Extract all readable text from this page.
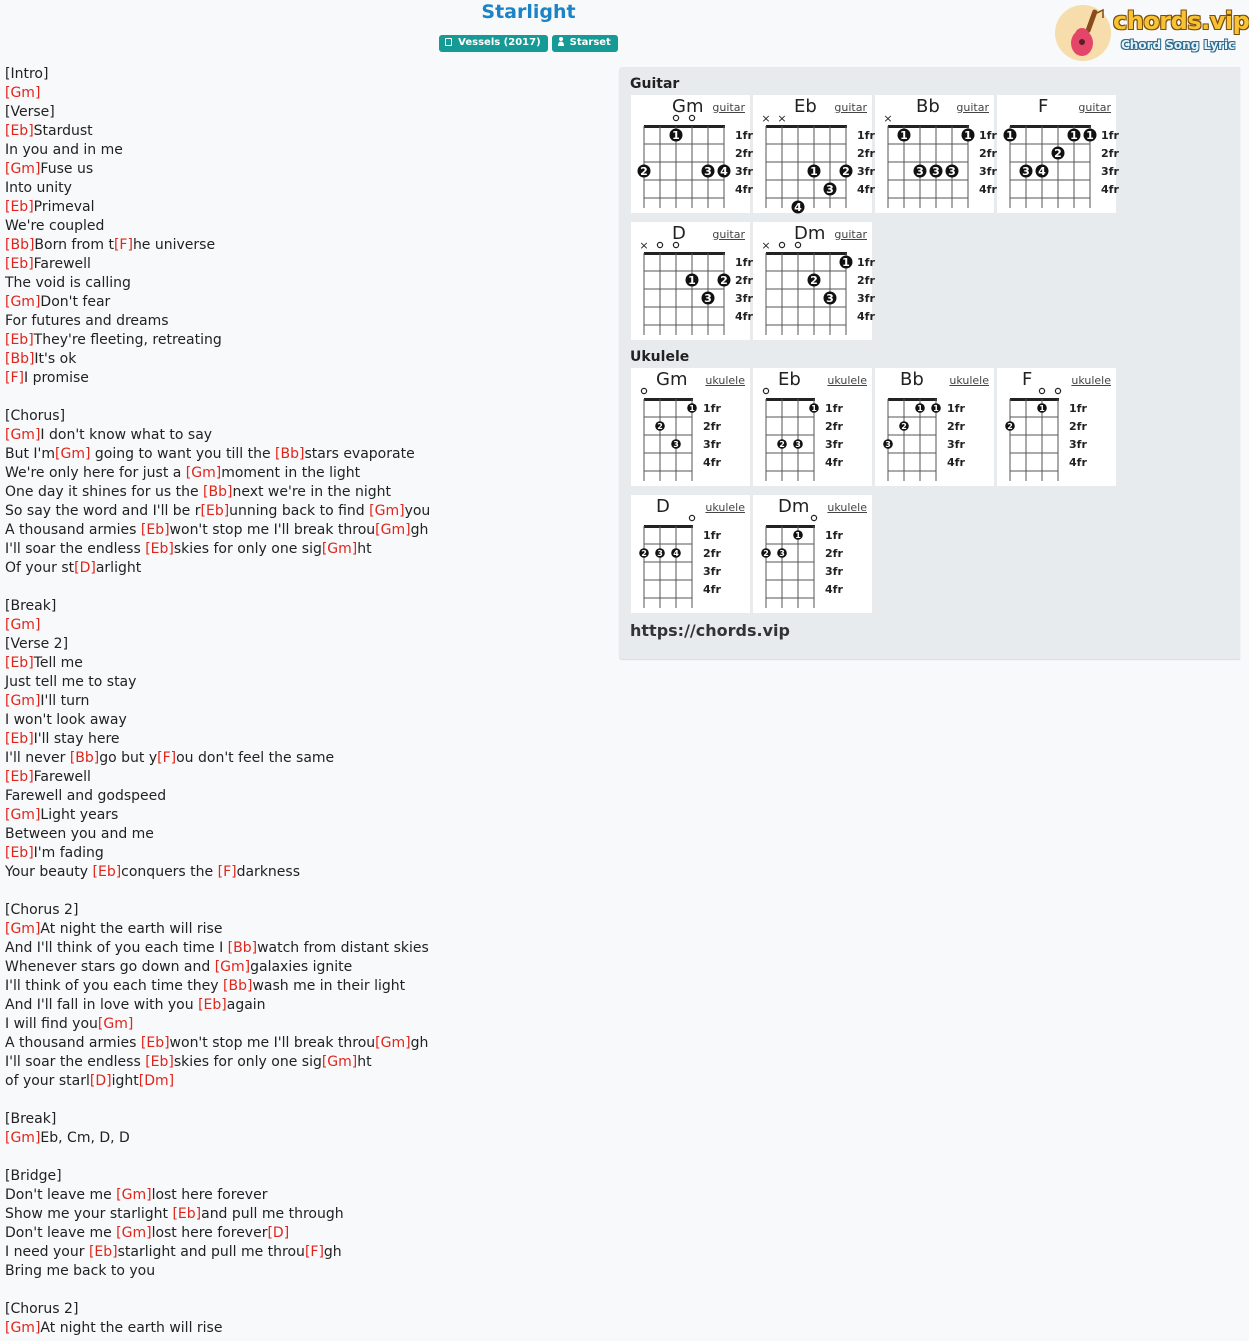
Starlight
Vessels (2017)	Starset
chords.vip
Chord Song Lyric
[Intro]
[Gm]
[Verse]
[Eb]Stardust
In you and in me
[Gm]Fuse us
Into unity
[Eb]Primeval
We're coupled
[Bb]Born from t[F]he universe
[Eb]Farewell
The void is calling
[Gm]Don't fear
For futures and dreams
[Eb]They're fleeting, retreating
[Bb]It's ok
[F]I promise
[Chorus]
[Gm]I don't know what to say
But I'm[Gm] going to want you till the [Bb]stars evaporate
We're only here for just a [Gm]moment in the light
One day it shines for us the [Bb]next we're in the night
So say the word and I'll be r[Eb]unning back to find [Gm]you
A thousand armies [Eb]won't stop me I'll break throu[Gm]gh
I'll soar the endless [Eb]skies for only one sig[Gm]ht
Of your st[D]arlight
[Break]
[Gm]
[Verse 2]
[Eb]Tell me
Just tell me to stay
[Gm]I'll turn
I won't look away
[Eb]I'll stay here
I'll never [Bb]go but y[F]ou don't feel the same
[Eb]Farewell
Farewell and godspeed
[Gm]Light years
Between you and me
[Eb]I'm fading
Your beauty [Eb]conquers the [F]darkness
[Chorus 2]
[Gm]At night the earth will rise
And I'll think of you each time I [Bb]watch from distant skies
Whenever stars go down and [Gm]galaxies ignite
I'll think of you each time they [Bb]wash me in their light
And I'll fall in love with you [Eb]again
I will find you[Gm]
A thousand armies [Eb]won't stop me I'll break throu[Gm]gh
I'll soar the endless [Eb]skies for only one sig[Gm]ht
of your starl[D]ight[Dm]
[Break]
[Gm]Eb, Cm, D, D
[Bridge]
Don't leave me [Gm]lost here forever
Show me your starlight [Eb]and pull me through
Don't leave me [Gm]lost here forever[D]
I need your [Eb]starlight and pull me throu[F]gh
Bring me back to you
[Chorus 2]
[Gm]At night the earth will rise
Guitar
Ukulele
https://chords.vip
Gm guitar
1fr
2fr
3fr
4fr
1
2	3 4
Eb guitar
1fr
2fr
3fr
4fr
× ×
1 2
3
4
Bb guitar
1fr
2fr
3fr
4fr
×
1	1
3 3 3
F	guitar
1fr
2fr
3fr
4fr
1	1 1
2
3 4
D guitar
1fr
2fr
3fr
4fr
×
1 2
3
Dm guitar
1fr
2fr
3fr
4fr
×
1
2
3
Gm ukulele
1fr
2fr
3fr
4fr
1
2
3
Eb ukulele
1fr
2fr
3fr
4fr
1
2 3
Bb ukulele
1fr
2fr
3fr
4fr
1 1
2
3
F	ukulele
1fr
2fr
3fr
4fr
1
2
D	ukulele
1fr
2fr
3fr
4fr
2 3 4
Dm ukulele
1fr
2fr
3fr
4fr
1
2 3
